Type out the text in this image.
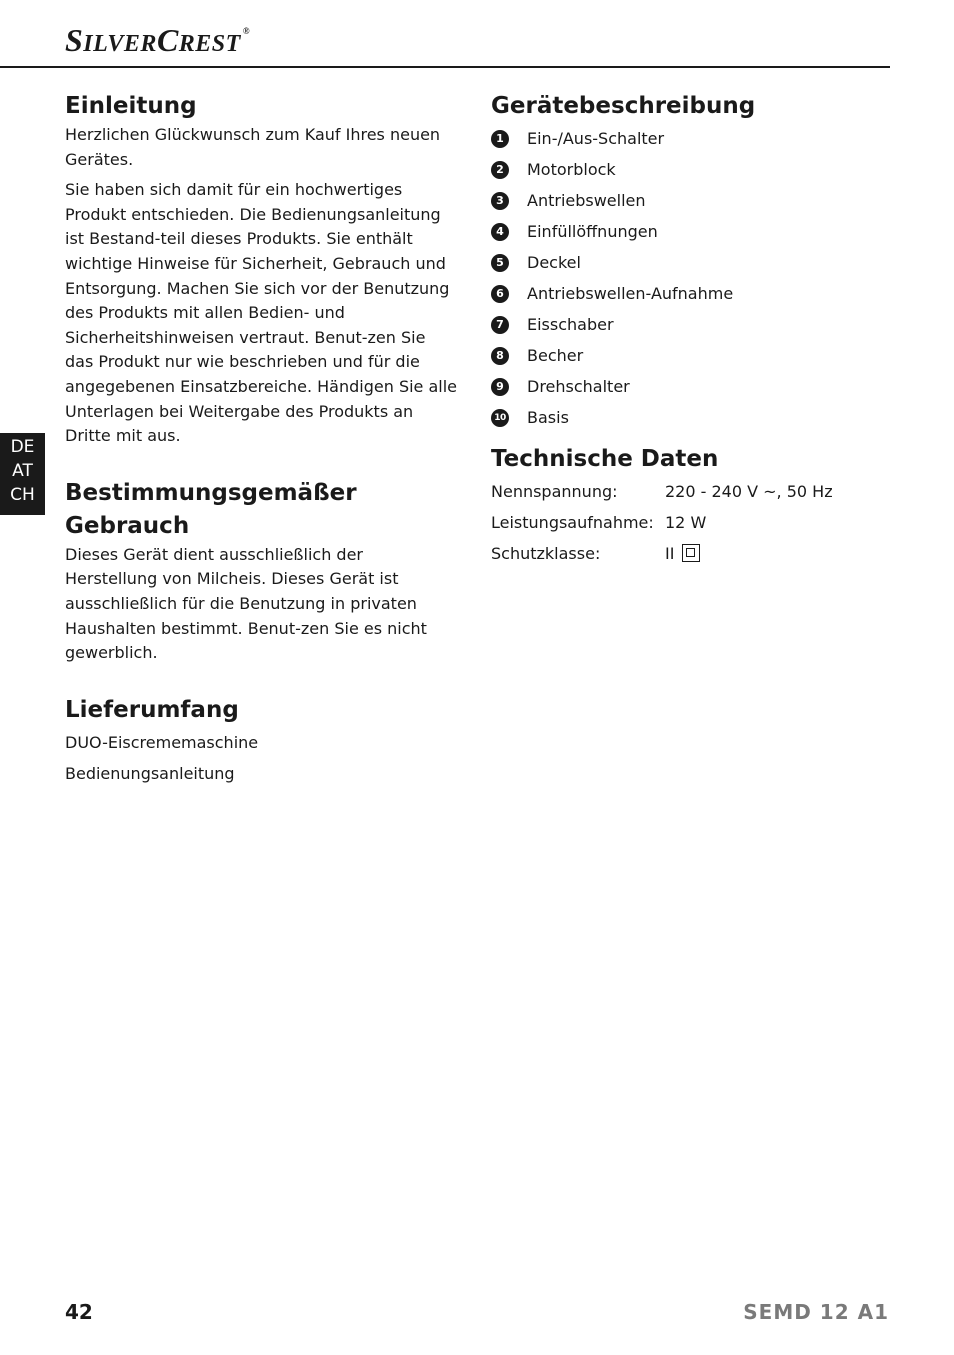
SILVERCREST ®
DE
AT
CH
Einleitung

Herzlichen Glückwunsch zum Kauf Ihres neuen Gerätes.

Sie haben sich damit für ein hochwertiges Produkt entschieden. Die Bedienungsanleitung ist Bestand-teil dieses Produkts. Sie enthält wichtige Hinweise für Sicherheit, Gebrauch und Entsorgung. Machen Sie sich vor der Benutzung des Produkts mit allen Bedien- und Sicherheitshinweisen vertraut. Benut-zen Sie das Produkt nur wie beschrieben und für die angegebenen Einsatzbereiche. Händigen Sie alle Unterlagen bei Weitergabe des Produkts an Dritte mit aus.

Bestimmungsgemäßer
Gebrauch

Dieses Gerät dient ausschließlich der Herstellung von Milcheis. Dieses Gerät ist ausschließlich für die Benutzung in privaten Haushalten bestimmt. Benut-zen Sie es nicht gewerblich.

Lieferumfang

DUO-Eiscrememaschine

Bedienungsanleitung

Gerätebeschreibung
1	Ein-/Aus-Schalter
2	Motorblock
3	Antriebswellen
4	Einfüllöffnungen
5	Deckel
6	Antriebswellen-Aufnahme
7	Eisschaber
8	Becher
9	Drehschalter
10 Basis
Technische Daten
Nennspannung:	220 - 240 V ~, 50 Hz
Leistungsaufnahme: 12 W
Schutzklasse:	II
42	SEMD 12 A1
